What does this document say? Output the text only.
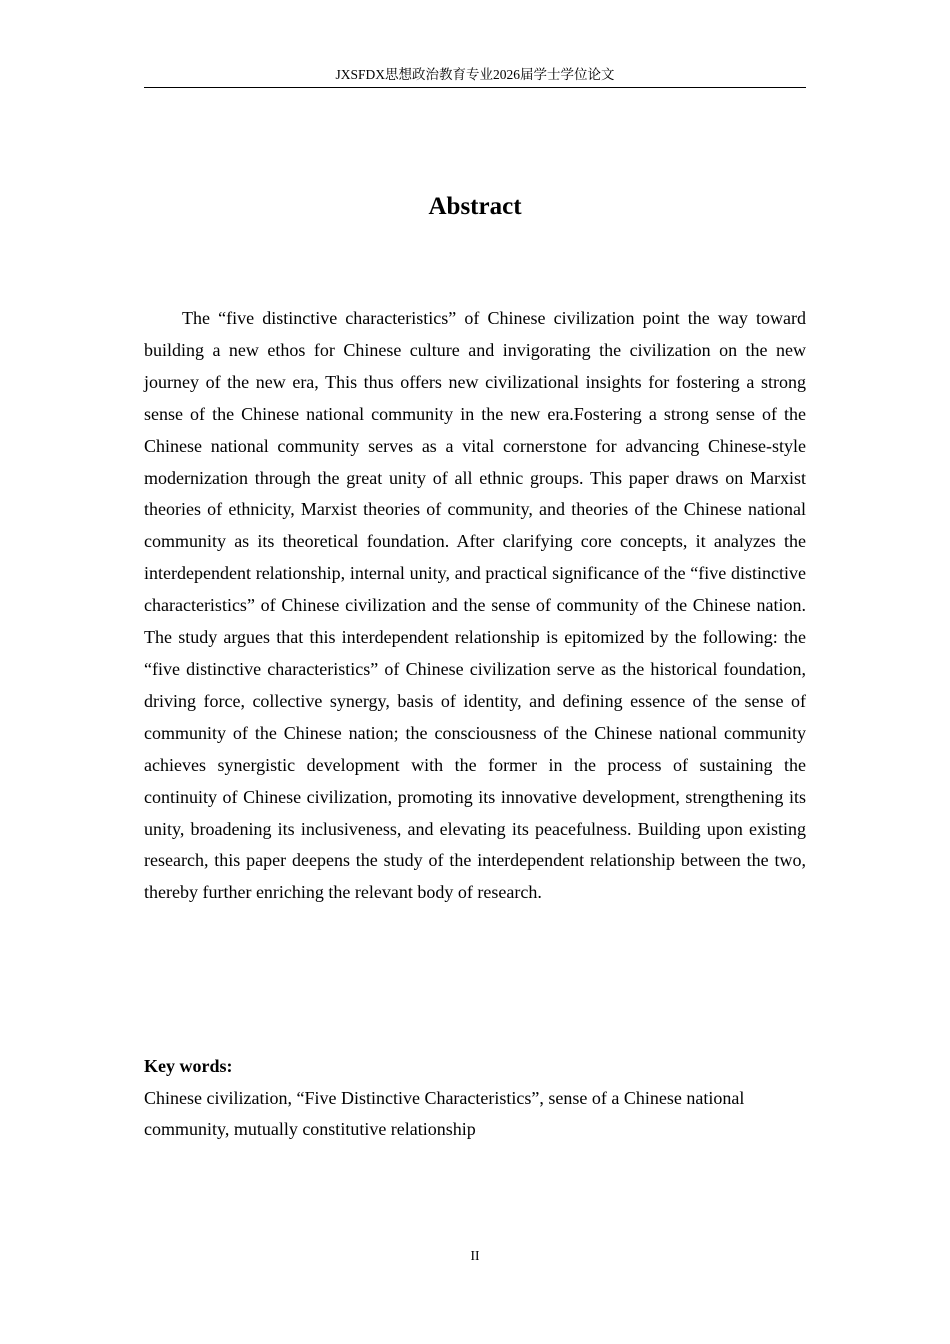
JXSFDX思想政治教育专业2026届学士学位论文
Abstract

The “five distinctive characteristics” of Chinese civilization point the way toward building a new ethos for Chinese culture and invigorating the civilization on the new journey of the new era, This thus offers new civilizational insights for fostering a strong sense of the Chinese national community in the new era.Fostering a strong sense of the Chinese national community serves as a vital cornerstone for advancing Chinese-style modernization through the great unity of all ethnic groups. This paper draws on Marxist theories of ethnicity, Marxist theories of community, and theories of the Chinese national community as its theoretical foundation. After clarifying core concepts, it analyzes the interdependent relationship, internal unity, and practical significance of the “five distinctive characteristics” of Chinese civilization and the sense of community of the Chinese nation. The study argues that this interdependent relationship is epitomized by the following: the “five distinctive characteristics” of Chinese civilization serve as the historical foundation, driving force, collective synergy, basis of identity, and defining essence of the sense of community of the Chinese nation; the consciousness of the Chinese national community achieves synergistic development with the former in the process of sustaining the continuity of Chinese civilization, promoting its innovative development, strengthening its unity, broadening its inclusiveness, and elevating its peacefulness. Building upon existing research, this paper deepens the study of the interdependent relationship between the two, thereby further enriching the relevant body of research.

Key words:

Chinese civilization, “Five Distinctive Characteristics”, sense of a Chinese national community, mutually constitutive relationship

II
